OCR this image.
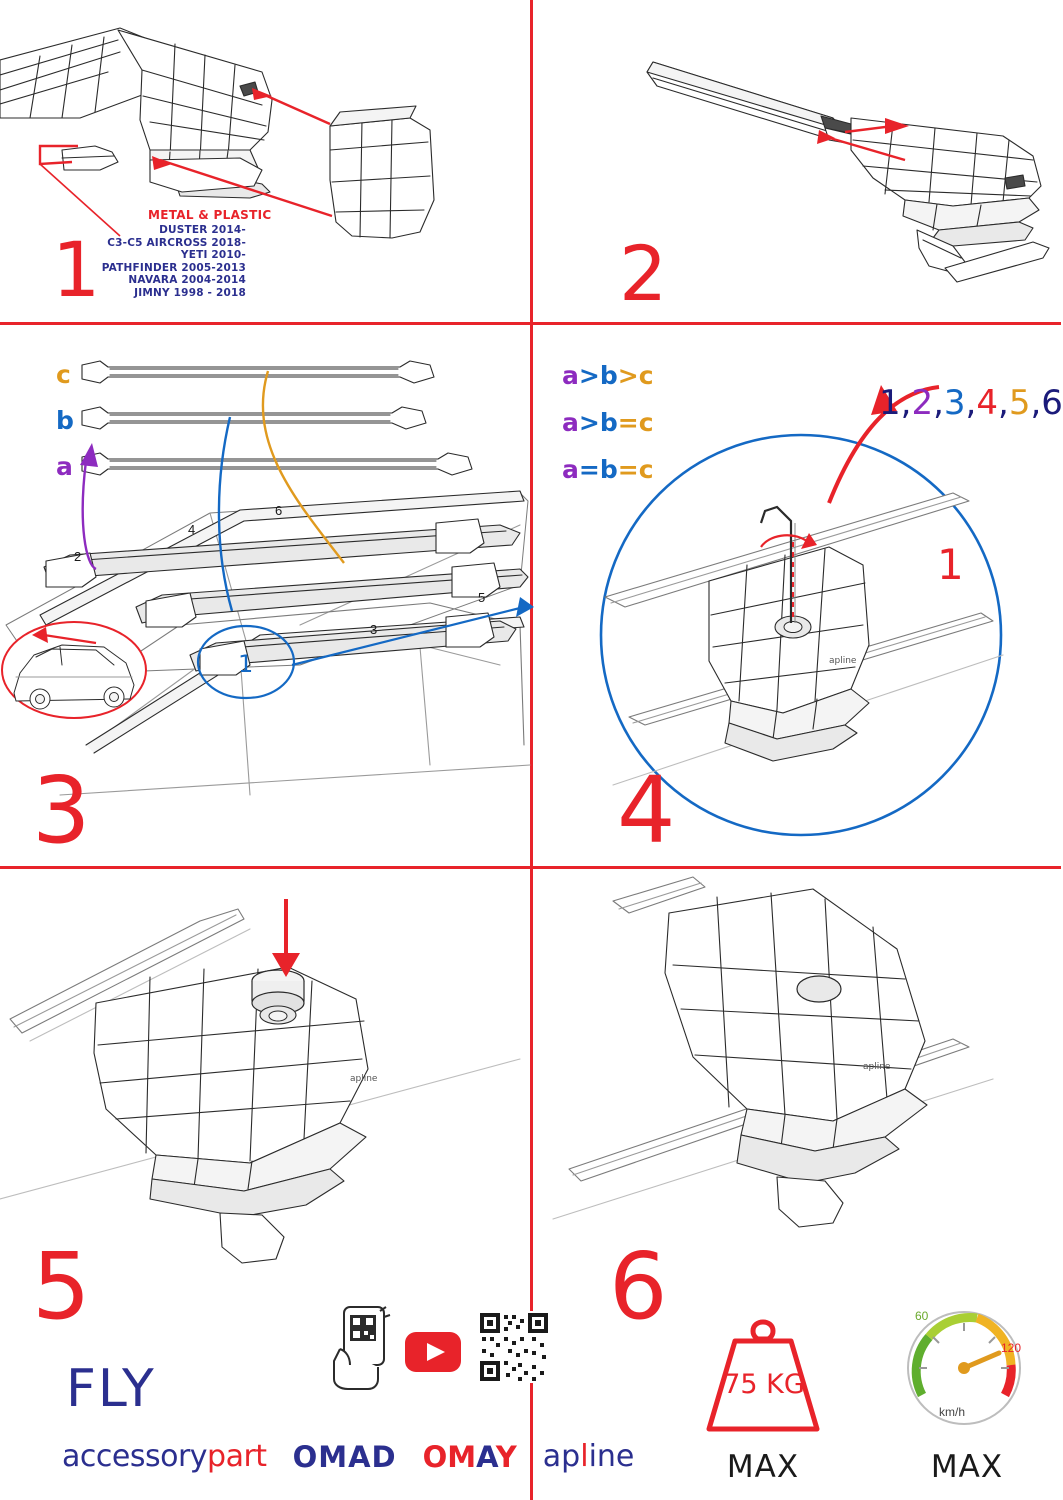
METAL & PLASTIC
DUSTER 2014-
C3-C5 AIRCROSS 2018-
YETI 2010-
PATHFINDER 2005-2013
NAVARA 2004-2014
JIMNY 1998 - 2018
1	2
c
b
a
a>b>c
a>b=c
a=b=c
2
4
6
3
5
1
3
apline
1,2,3,4,5,6
1
4
apline
5
FLY
accessorypart OMAD OMAY apline
apline
6
75 KG
MAX
60
120
km/h
MAX
